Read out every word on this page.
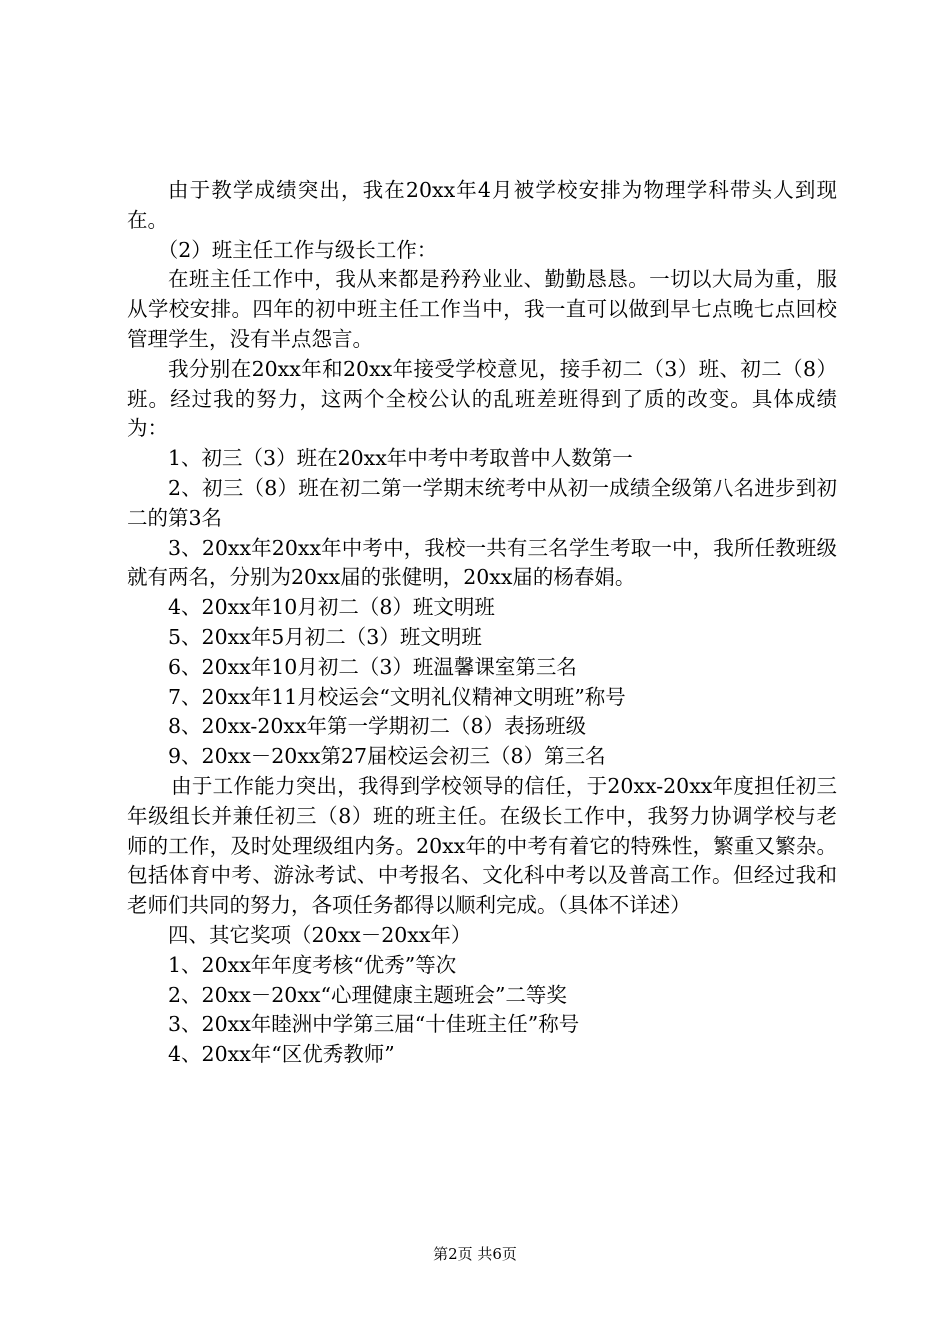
由于教学成绩突出，我在20xx年4月被学校安排为物理学科带头人到现在。

（2）班主任工作与级长工作：

在班主任工作中，我从来都是矜矜业业、勤勤恳恳。一切以大局为重，服从学校安排。四年的初中班主任工作当中，我一直可以做到早七点晚七点回校管理学生，没有半点怨言。

我分别在20xx年和20xx年接受学校意见，接手初二（3）班、初二（8）班。经过我的努力，这两个全校公认的乱班差班得到了质的改变。具体成绩为：

1、初三（3）班在20xx年中考中考取普中人数第一

2、初三（8）班在初二第一学期末统考中从初一成绩全级第八名进步到初二的第3名

3、20xx年20xx年中考中，我校一共有三名学生考取一中，我所任教班级就有两名，分别为20xx届的张健明，20xx届的杨春娟。

4、20xx年10月初二（8）班文明班

5、20xx年5月初二（3）班文明班

6、20xx年10月初二（3）班温馨课室第三名

7、20xx年11月校运会“文明礼仪精神文明班”称号

8、20xx-20xx年第一学期初二（8）表扬班级

9、20xx－20xx第27届校运会初三（8）第三名

由于工作能力突出，我得到学校领导的信任，于20xx-20xx年度担任初三年级组长并兼任初三（8）班的班主任。在级长工作中，我努力协调学校与老师的工作，及时处理级组内务。20xx年的中考有着它的特殊性，繁重又繁杂。包括体育中考、游泳考试、中考报名、文化科中考以及普高工作。但经过我和老师们共同的努力，各项任务都得以顺利完成。（具体不详述）

四、其它奖项（20xx－20xx年）

1、20xx年年度考核“优秀”等次

2、20xx－20xx“心理健康主题班会”二等奖

3、20xx年睦洲中学第三届“十佳班主任”称号

4、20xx年“区优秀教师”

第2页 共6页
